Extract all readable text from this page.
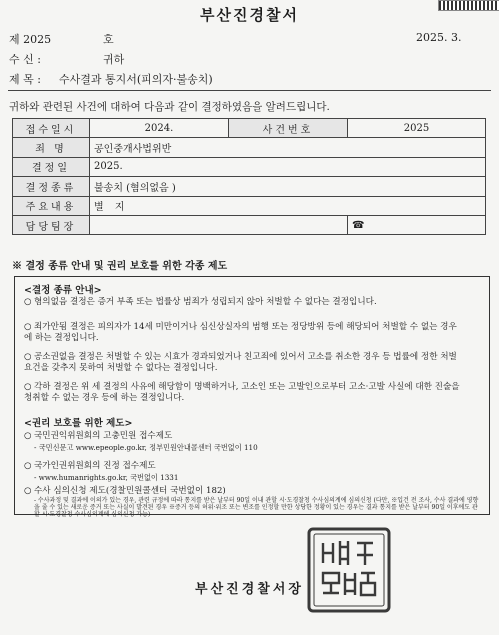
부산진경찰서
제 2025	호	2025. 3.
수 신 :	귀하
제 목 : 수사결과 통지서(피의자·불송치)
귀하와 관련된 사건에 대하여 다음과 같이 결정하였음을 알려드립니다.
접수일시	2024.	사건번호	2025
죄 명	공인중개사법위반		
결정일	2025.		
결정종류	불송치 (혐의없음 )		
주요내용	별 지		
담당팀장			☎
※ 결정 종류 안내 및 권리 보호를 위한 각종 제도
<결정 종류 안내>
○ 혐의없음 결정은 증거 부족 또는 법률상 범죄가 성립되지 않아 처벌할 수 없다는 결정입니다.
○ 죄가안됨 결정은 피의자가 14세 미만이거나 심신상실자의 범행 또는 정당방위 등에 해당되어 처벌할 수 없는 경우에 하는 결정입니다.
○ 공소권없음 결정은 처벌할 수 있는 시효가 경과되었거나 친고죄에 있어서 고소를 취소한 경우 등 법률에 정한 처벌요건을 갖추지 못하여 처벌할 수 없다는 결정입니다.
○ 각하 결정은 위 세 결정의 사유에 해당함이 명백하거나, 고소인 또는 고발인으로부터 고소·고발 사실에 대한 진술을 청취할 수 없는 경우 등에 하는 결정입니다.
<권리 보호를 위한 제도>
○ 국민권익위원회의 고충민원 접수제도
- 국민신문고 www.epeople.go.kr, 정부민원안내콜센터 국번없이 110
○ 국가인권위원회의 진정 접수제도
- www.humanrights.go.kr, 국번없이 1331
○ 수사 심의신청 제도(경찰민원콜센터 국번없이 182)
- 수사과정 및 결과에 이의가 있는 경우, 관련 규정에 따라 통지를 받은 날부터 90일 이내 관할 시·도경찰청 수사심의계에 심의신청 (다만, ※입건 전 조사, 수사 결과에 영향을 줄 수 있는 새로운 증거 또는 사실이 발견된 경우 ※증거 등의 허위·위조 또는 변조를 인정할 만한 상당한 정황이 있는 경우는 결과 통지를 받은 날부터 90일 이후에도 관할 시·도경찰청 수사심의계에 심의신청 가능)
부산진경찰서장
